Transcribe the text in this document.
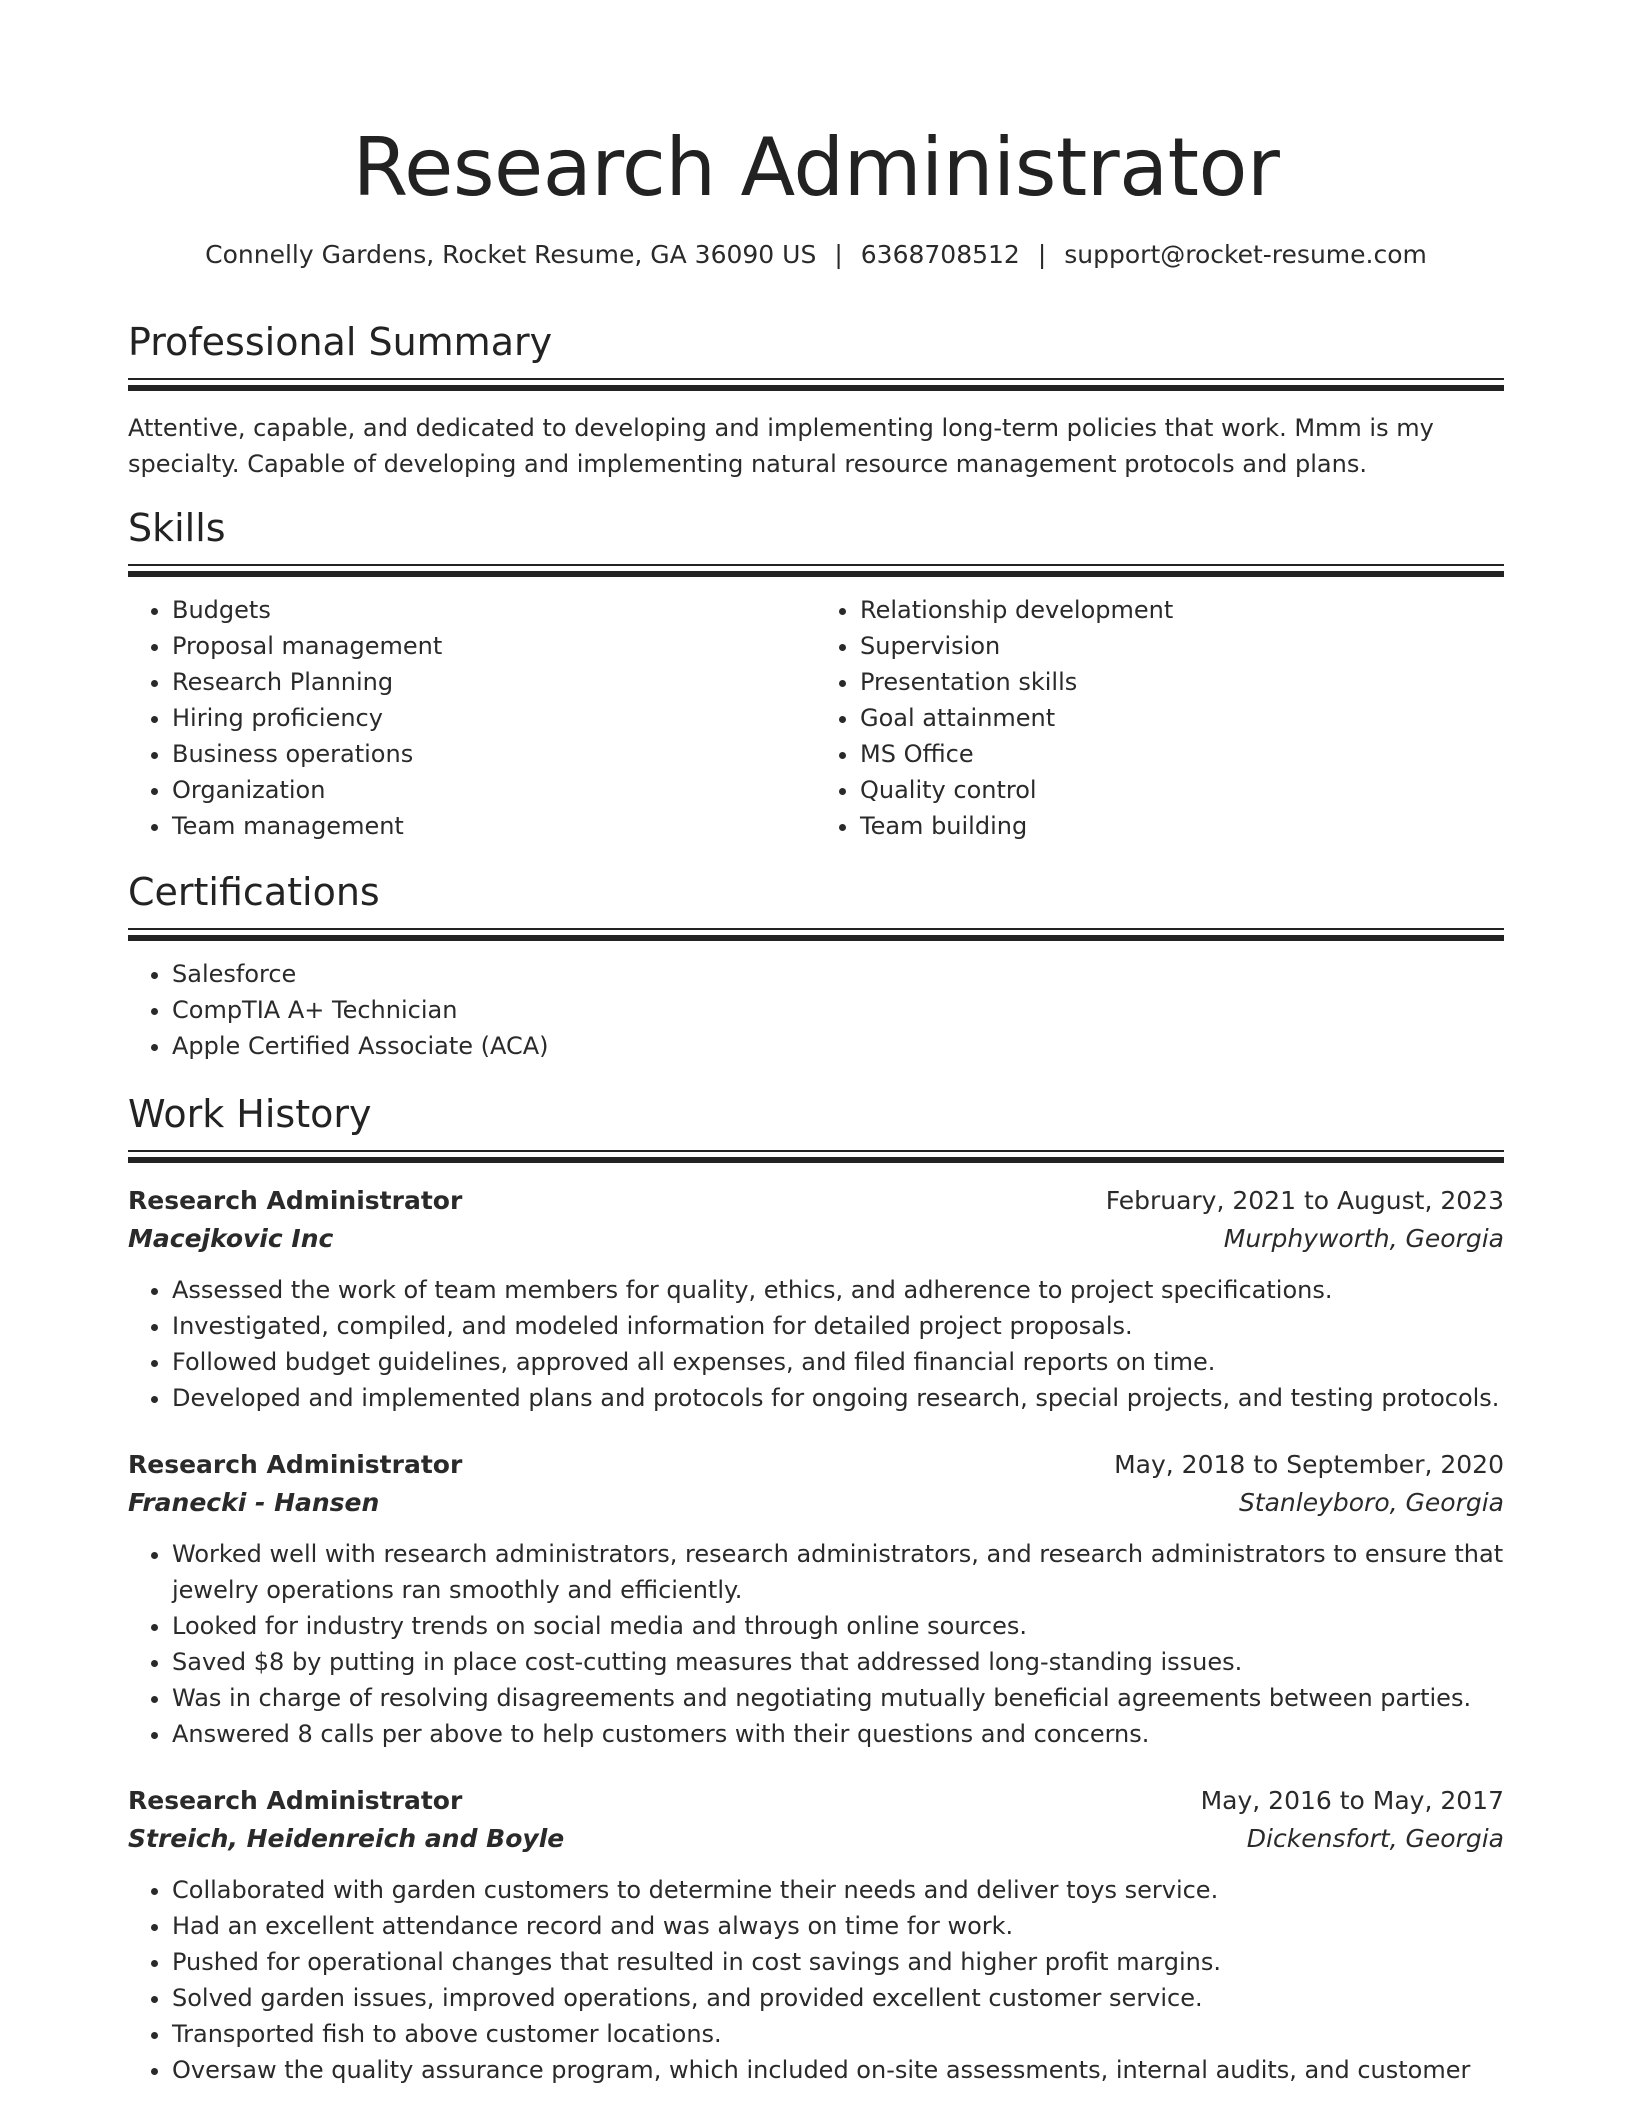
Research Administrator
Connelly Gardens, Rocket Resume, GA 36090 US | 6368708512 | support@rocket-resume.com
Professional Summary

Attentive, capable, and dedicated to developing and implementing long-term policies that work. Mmm is my specialty. Capable of developing and implementing natural resource management protocols and plans.

Skills
• Budgets
• Proposal management
• Research Planning
• Hiring proficiency
• Business operations
• Organization
• Team management
• Relationship development
• Supervision
• Presentation skills
• Goal attainment
• MS Office
• Quality control
• Team building
Certifications
• Salesforce
• CompTIA A+ Technician
• Apple Certified Associate (ACA)
Work History
Research Administrator	February, 2021 to August, 2023
Macejkovic Inc	Murphyworth, Georgia
• Assessed the work of team members for quality, ethics, and adherence to project specifications.
• Investigated, compiled, and modeled information for detailed project proposals.
• Followed budget guidelines, approved all expenses, and filed financial reports on time.
• Developed and implemented plans and protocols for ongoing research, special projects, and testing protocols.
Research Administrator	May, 2018 to September, 2020
Franecki - Hansen	Stanleyboro, Georgia
• Worked well with research administrators, research administrators, and research administrators to ensure that jewelry operations ran smoothly and efficiently.
• Looked for industry trends on social media and through online sources.
• Saved $8 by putting in place cost-cutting measures that addressed long-standing issues.
• Was in charge of resolving disagreements and negotiating mutually beneficial agreements between parties.
• Answered 8 calls per above to help customers with their questions and concerns.
Research Administrator	May, 2016 to May, 2017
Streich, Heidenreich and Boyle	Dickensfort, Georgia
• Collaborated with garden customers to determine their needs and deliver toys service.
• Had an excellent attendance record and was always on time for work.
• Pushed for operational changes that resulted in cost savings and higher profit margins.
• Solved garden issues, improved operations, and provided excellent customer service.
• Transported fish to above customer locations.
• Oversaw the quality assurance program, which included on-site assessments, internal audits, and customer
